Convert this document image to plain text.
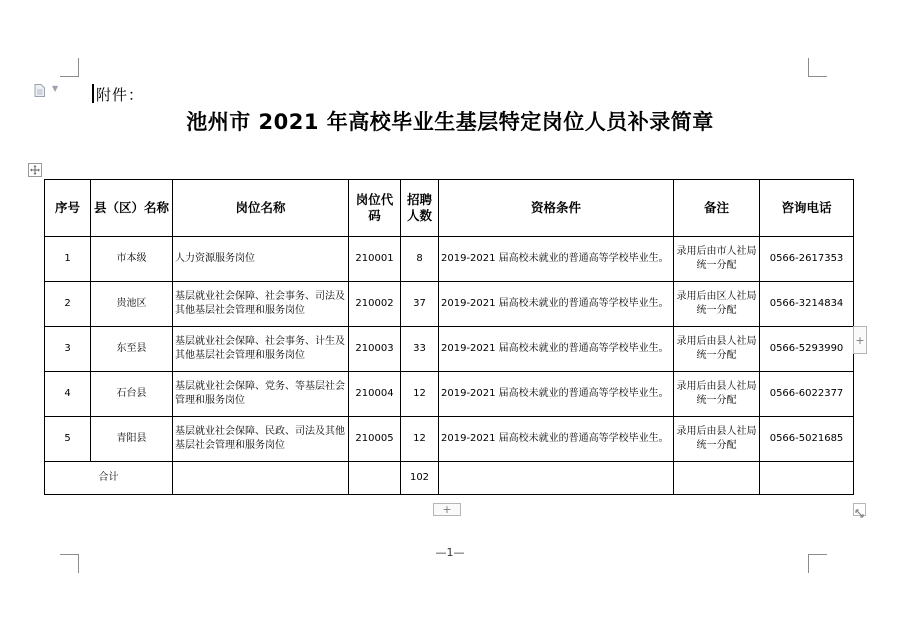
▼	附件：
池州市 2021 年高校毕业生基层特定岗位人员补录简章
序号	县（区）名称	岗位名称	岗位代码	招聘人数	资格条件	备注	咨询电话
1	市本级	人力资源服务岗位	210001	8	2019-2021 届高校未就业的普通高等学校毕业生。	录用后由市人社局统一分配	0566-2617353
2	贵池区	基层就业社会保障、社会事务、司法及其他基层社会管理和服务岗位	210002	37	2019-2021 届高校未就业的普通高等学校毕业生。	录用后由区人社局统一分配	0566-3214834
3	东至县	基层就业社会保障、社会事务、计生及其他基层社会管理和服务岗位	210003	33	2019-2021 届高校未就业的普通高等学校毕业生。	录用后由县人社局统一分配	0566-5293990
4	石台县	基层就业社会保障、党务、等基层社会管理和服务岗位	210004	12	2019-2021 届高校未就业的普通高等学校毕业生。	录用后由县人社局统一分配	0566-6022377
5	青阳县	基层就业社会保障、民政、司法及其他基层社会管理和服务岗位	210005	12	2019-2021 届高校未就业的普通高等学校毕业生。	录用后由县人社局统一分配	0566-5021685
合计				102			
+
+
—1—
